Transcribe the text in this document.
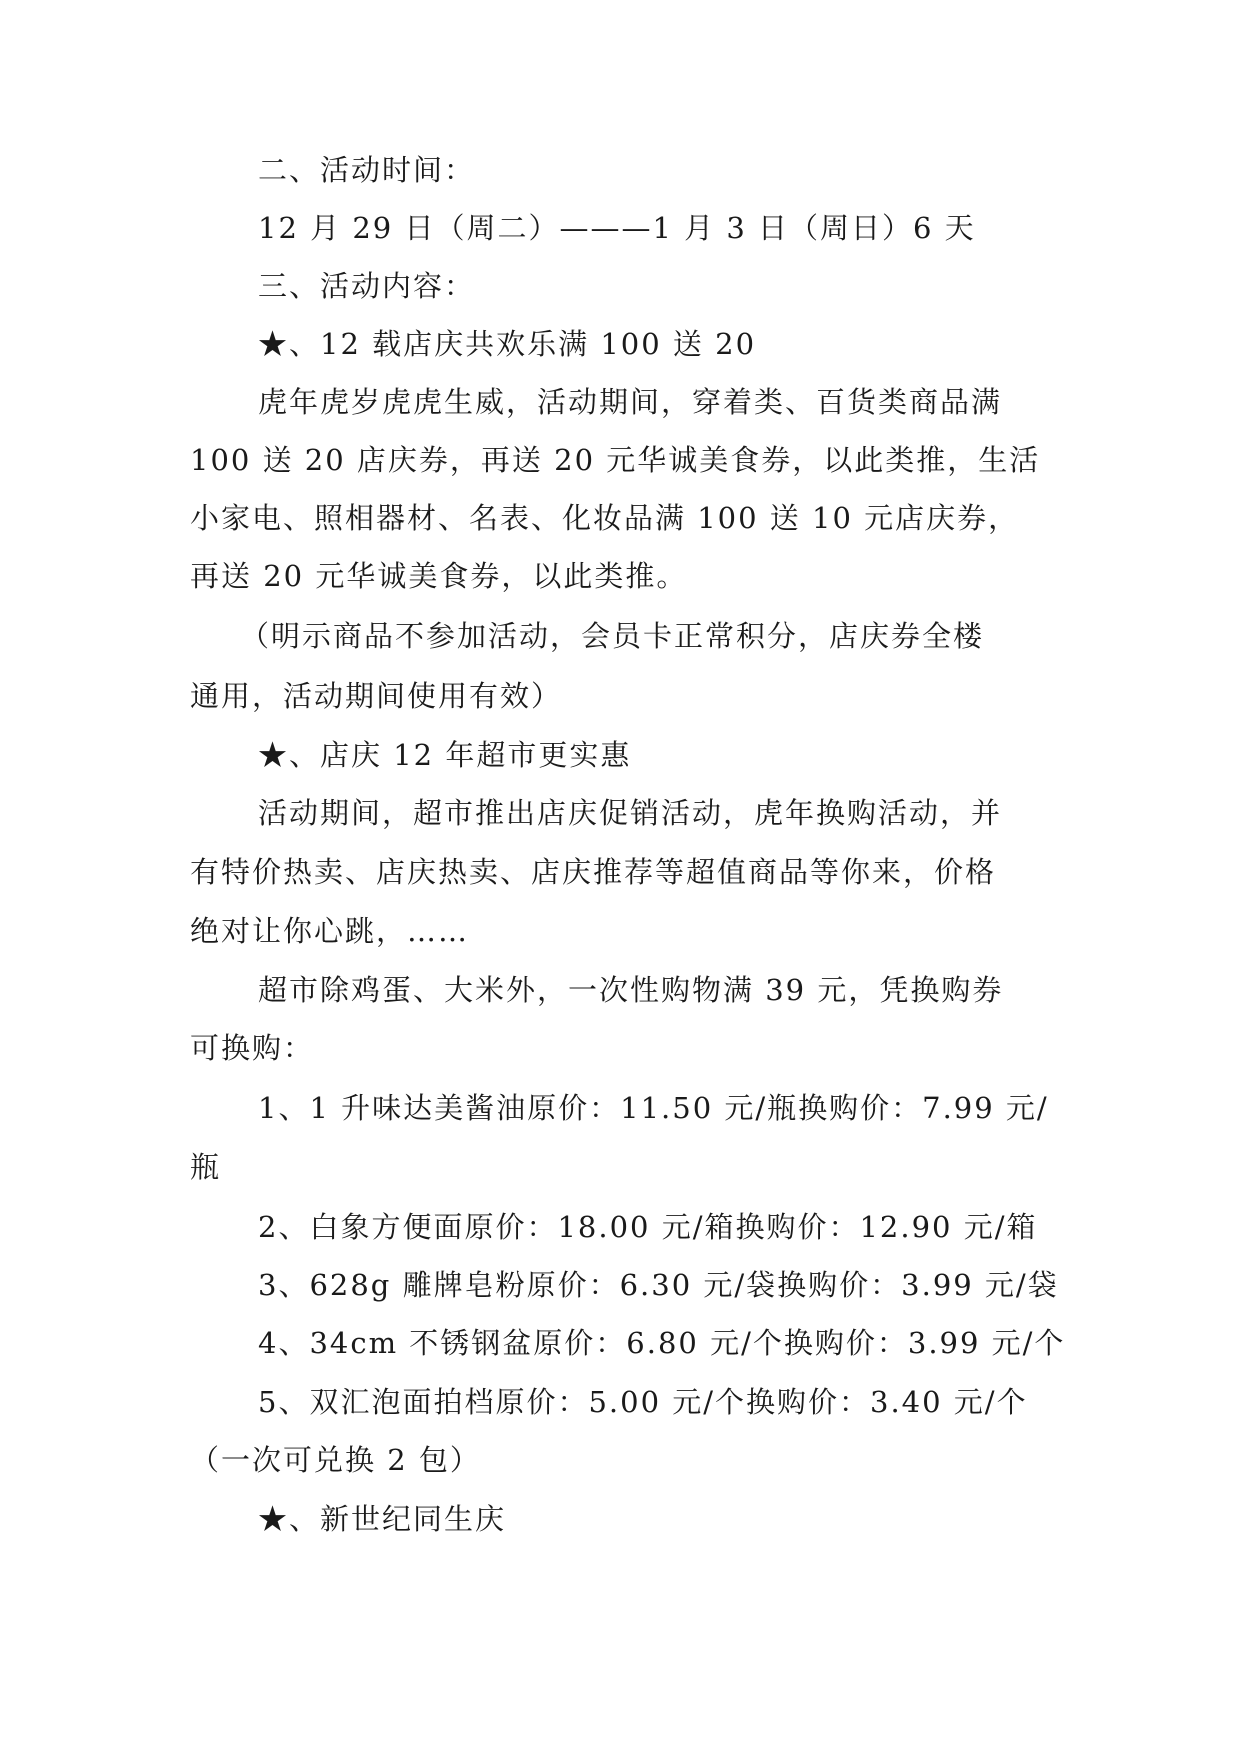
二、活动时间：
12 月 29 日（周二）———1 月 3 日（周日）6 天
三、活动内容：
★、12 载店庆共欢乐满 100 送 20
虎年虎岁虎虎生威，活动期间，穿着类、百货类商品满
100 送 20 店庆券，再送 20 元华诚美食券，以此类推，生活
小家电、照相器材、名表、化妆品满 100 送 10 元店庆券，
再送 20 元华诚美食券，以此类推。
（明示商品不参加活动，会员卡正常积分，店庆券全楼
通用，活动期间使用有效）
★、店庆 12 年超市更实惠
活动期间，超市推出店庆促销活动，虎年换购活动，并
有特价热卖、店庆热卖、店庆推荐等超值商品等你来，价格
绝对让你心跳，……
超市除鸡蛋、大米外，一次性购物满 39 元，凭换购券
可换购：
1、1 升味达美酱油原价：11.50 元/瓶换购价：7.99 元/
瓶
2、白象方便面原价：18.00 元/箱换购价：12.90 元/箱
3、628g 雕牌皂粉原价：6.30 元/袋换购价：3.99 元/袋
4、34cm 不锈钢盆原价：6.80 元/个换购价：3.99 元/个
5、双汇泡面拍档原价：5.00 元/个换购价：3.40 元/个
（一次可兑换 2 包）
★、新世纪同生庆
